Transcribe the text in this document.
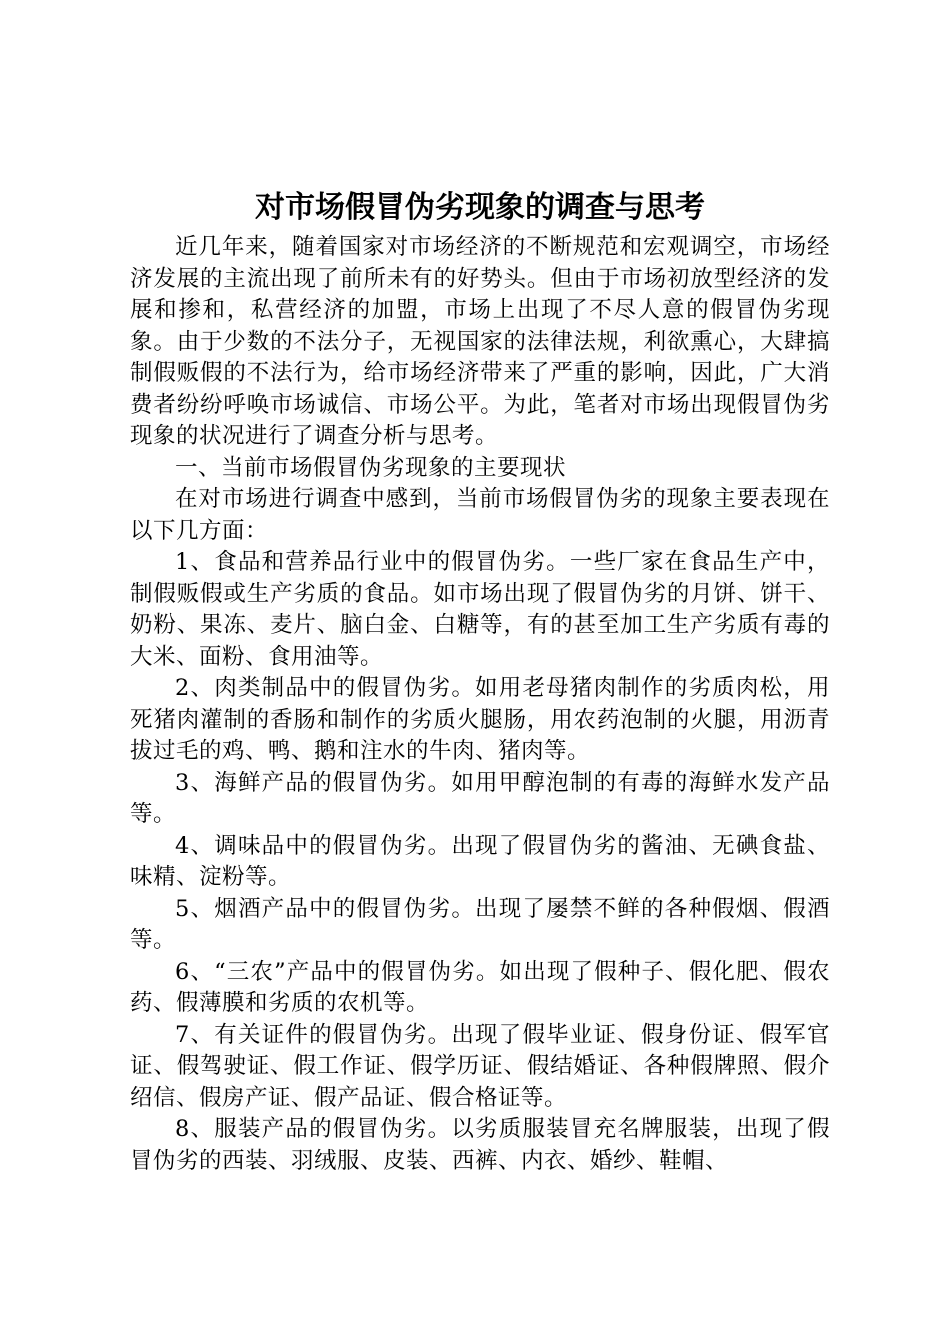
对市场假冒伪劣现象的调查与思考

近几年来，随着国家对市场经济的不断规范和宏观调空，市场经济发展的主流出现了前所未有的好势头。但由于市场初放型经济的发展和掺和，私营经济的加盟，市场上出现了不尽人意的假冒伪劣现象。由于少数的不法分子，无视国家的法律法规，利欲熏心，大肆搞制假贩假的不法行为，给市场经济带来了严重的影响，因此，广大消费者纷纷呼唤市场诚信、市场公平。为此，笔者对市场出现假冒伪劣现象的状况进行了调查分析与思考。

一、当前市场假冒伪劣现象的主要现状

在对市场进行调查中感到，当前市场假冒伪劣的现象主要表现在以下几方面：

1、食品和营养品行业中的假冒伪劣。一些厂家在食品生产中，制假贩假或生产劣质的食品。如市场出现了假冒伪劣的月饼、饼干、奶粉、果冻、麦片、脑白金、白糖等，有的甚至加工生产劣质有毒的大米、面粉、食用油等。

2、肉类制品中的假冒伪劣。如用老母猪肉制作的劣质肉松，用死猪肉灌制的香肠和制作的劣质火腿肠，用农药泡制的火腿，用沥青拔过毛的鸡、鸭、鹅和注水的牛肉、猪肉等。

3、海鲜产品的假冒伪劣。如用甲醇泡制的有毒的海鲜水发产品等。

4、调味品中的假冒伪劣。出现了假冒伪劣的酱油、无碘食盐、味精、淀粉等。

5、烟酒产品中的假冒伪劣。出现了屡禁不鲜的各种假烟、假酒等。

6、“三农”产品中的假冒伪劣。如出现了假种子、假化肥、假农药、假薄膜和劣质的农机等。

7、有关证件的假冒伪劣。出现了假毕业证、假身份证、假军官证、假驾驶证、假工作证、假学历证、假结婚证、各种假牌照、假介绍信、假房产证、假产品证、假合格证等。

8、服装产品的假冒伪劣。以劣质服装冒充名牌服装，出现了假冒伪劣的西装、羽绒服、皮装、西裤、内衣、婚纱、鞋帽、
